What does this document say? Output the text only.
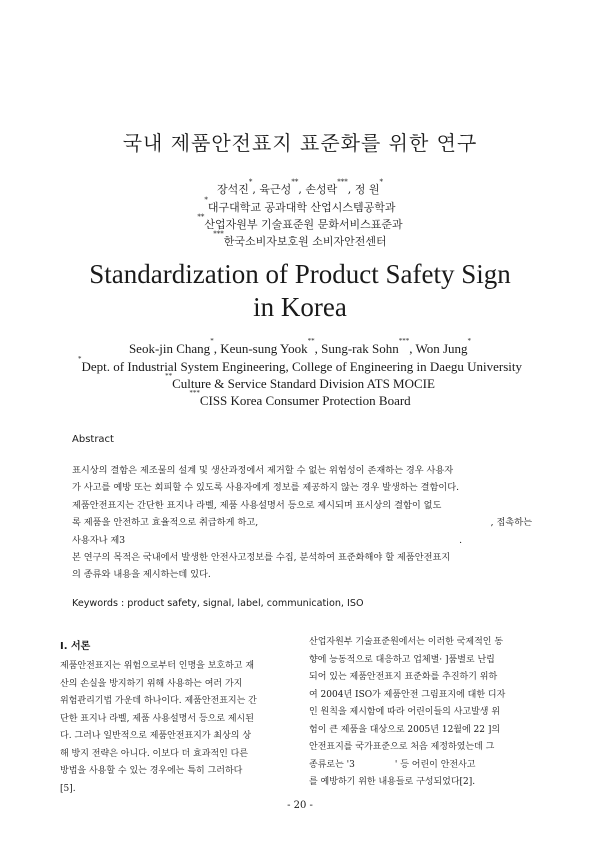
국내 제품안전표지 표준화를 위한 연구
장석진*, 육근성**, 손성락***, 정 원*
*대구대학교 공과대학 산업시스템공학과
**산업자원부 기술표준원 문화서비스표준과
***한국소비자보호원 소비자안전센터
Standardization of Product Safety Sign
in Korea
Seok-jin Chang*, Keun-sung Yook**, Sung-rak Sohn***, Won Jung*
*Dept. of Industrial System Engineering, College of Engineering in Daegu University
**Culture & Service Standard Division ATS MOCIE
***CISS Korea Consumer Protection Board
Abstract

표시상의 결함은 제조물의 설계 및 생산과정에서 제거할 수 없는 위험성이 존재하는 경우 사용자

가 사고를 예방 또는 회피할 수 있도록 사용자에게 정보를 제공하지 않는 경우 발생하는 결함이다.

제품안전표지는 간단한 표지나 라벨, 제품 사용설명서 등으로 제시되며 표시상의 결함이 없도

록 제품을 안전하고 효율적으로 취급하게 하고,	, 접촉하는

사용자나 제3	.

본 연구의 목적은 국내에서 발생한 안전사고정보를 수집, 분석하여 표준화해야 할 제품안전표지

의 종류와 내용을 제시하는데 있다.

Keywords : product safety, signal, label, communication, ISO
I. 서론
제품안전표지는 위험으로부터 인명을 보호하고 재
산의 손실을 방지하기 위해 사용하는 여러 가지
위험관리기법 가운데 하나이다. 제품안전표지는 간
단한 표지나 라벨, 제품 사용설명서 등으로 제시된
다. 그러나 일반적으로 제품안전표지가 최상의 상
해 방지 전략은 아니다. 이보다 더 효과적인 다른
방법을 사용할 수 있는 경우에는 특히 그러하다
[5].
산업자원부 기술표준원에서는 이러한 국제적인 동
향에 능동적으로 대응하고 업체별· ]품별로 난립
되어 있는 제품안전표지 표준화를 추진하기 위하
여 2004년 ISO가 제품안전 그림표지에 대한 디자
인 원칙을 제시함에 따라 어린이들의 사고발생 위
험이 큰 제품을 대상으로 2005년 12월에 22 ]의
안전표지를 국가표준으로 처음 제정하였는데 그
종류로는 '3              ' 등 어린이 안전사고
를 예방하기 위한 내용들로 구성되었다[2].
- 20 -
